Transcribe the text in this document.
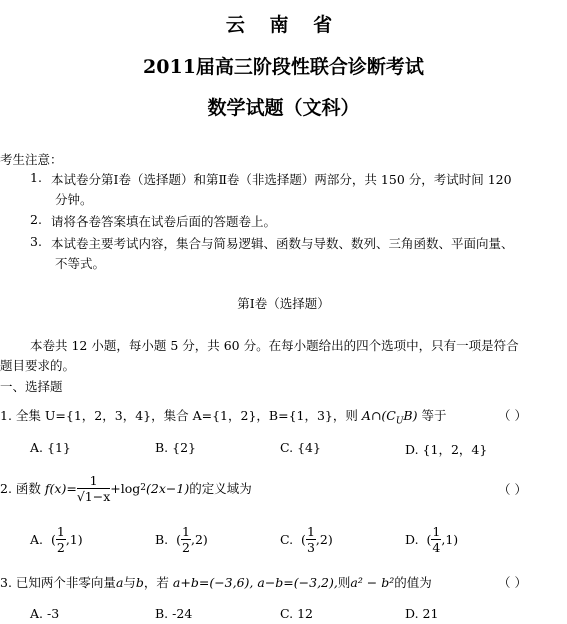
云 南 省
2011届高三阶段性联合诊断考试
数学试题（文科）
考生注意：
1. 本试卷分第Ⅰ卷（选择题）和第Ⅱ卷（非选择题）两部分，共 150 分，考试时间 120
分钟。
2. 请将各卷答案填在试卷后面的答题卷上。
3. 本试卷主要考试内容，集合与简易逻辑、函数与导数、数列、三角函数、平面向量、
不等式。
第Ⅰ卷（选择题）
本卷共 12 小题，每小题 5 分，共 60 分。在每小题给出的四个选项中，只有一项是符合
题目要求的。
一、选择题
1. 全集 U={1，2，3，4}，集合 A={1，2}，B={1，3}，则 $A\cap(C_UB)$ 等于	（ ）
A. {1}	B. {2}	C. {4}	D. {1，2，4}
2.
函数
$f(x)= \frac{1}{√1-x} +\log$ 2 (2x−1) 的定义域为	（ ）
A.
( $\frac{1}{2} ,1$)	B.
( $\frac{1}{2} ,2$)	C.
( $\frac{1}{3} ,2$)	D.
( $\frac{1}{4} ,1$)
3. 已知两个非零向量a与b，若 a+b=(−3,6), a−b=(−3,2),则a² − b²的值为	（ ）
A. -3	B. -24	C. 12	D. 21
